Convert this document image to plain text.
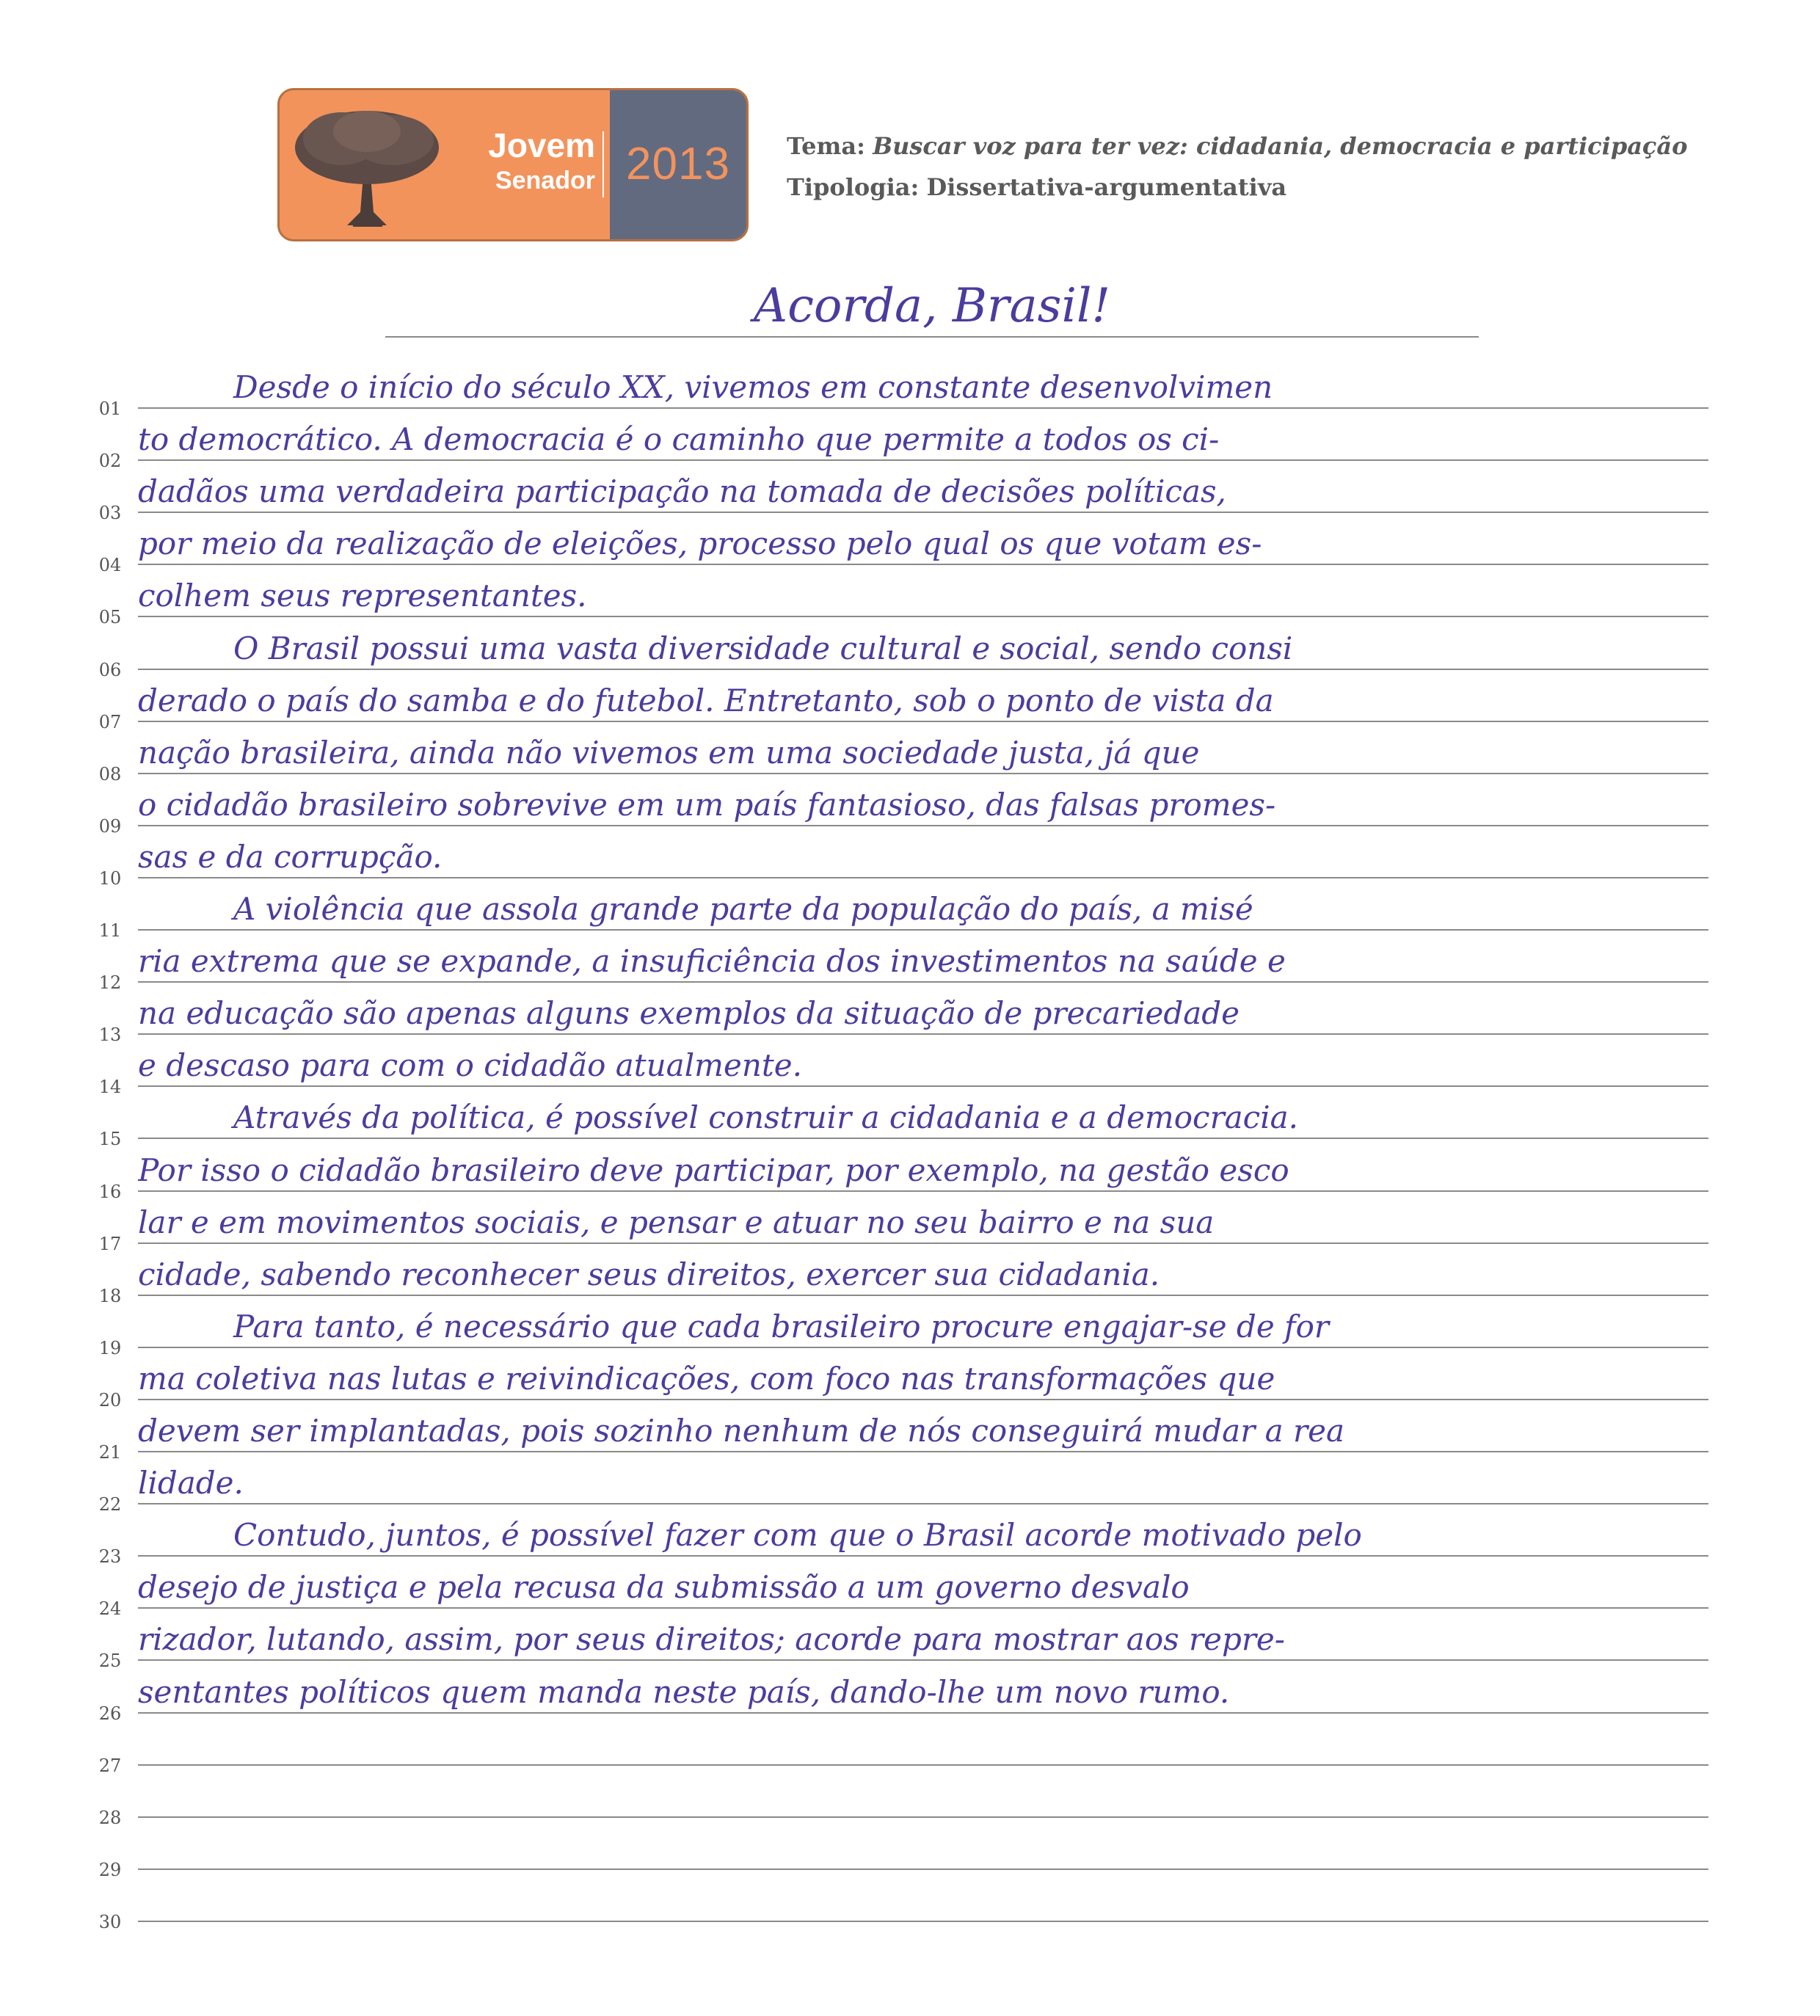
Jovem
Senador 2013	Tema: Buscar voz para ter vez: cidadania, democracia e participação
Tipologia: Dissertativa-argumentativa
Acorda, Brasil!
01
Desde o início do século XX, vivemos em constante desenvolvimen
02
to democrático. A democracia é o caminho que permite a todos os ci-
03
dadãos uma verdadeira participação na tomada de decisões políticas,
04
por meio da realização de eleições, processo pelo qual os que votam es-
05
colhem seus representantes.
06
O Brasil possui uma vasta diversidade cultural e social, sendo consi
07
derado o país do samba e do futebol. Entretanto, sob o ponto de vista da
08
nação brasileira, ainda não vivemos em uma sociedade justa, já que
09
o cidadão brasileiro sobrevive em um país fantasioso, das falsas promes-
10
sas e da corrupção.
11
A violência que assola grande parte da população do país, a misé
12
ria extrema que se expande, a insuficiência dos investimentos na saúde e
13
na educação são apenas alguns exemplos da situação de precariedade
14
e descaso para com o cidadão atualmente.
15
Através da política, é possível construir a cidadania e a democracia.
16
Por isso o cidadão brasileiro deve participar, por exemplo, na gestão esco
17
lar e em movimentos sociais, e pensar e atuar no seu bairro e na sua
18
cidade, sabendo reconhecer seus direitos, exercer sua cidadania.
19
Para tanto, é necessário que cada brasileiro procure engajar-se de for
20
ma coletiva nas lutas e reivindicações, com foco nas transformações que
21
devem ser implantadas, pois sozinho nenhum de nós conseguirá mudar a rea
22
lidade.
23
Contudo, juntos, é possível fazer com que o Brasil acorde motivado pelo
24
desejo de justiça e pela recusa da submissão a um governo desvalo
25
rizador, lutando, assim, por seus direitos; acorde para mostrar aos repre-
26
sentantes políticos quem manda neste país, dando-lhe um novo rumo.
27
28
29
30
